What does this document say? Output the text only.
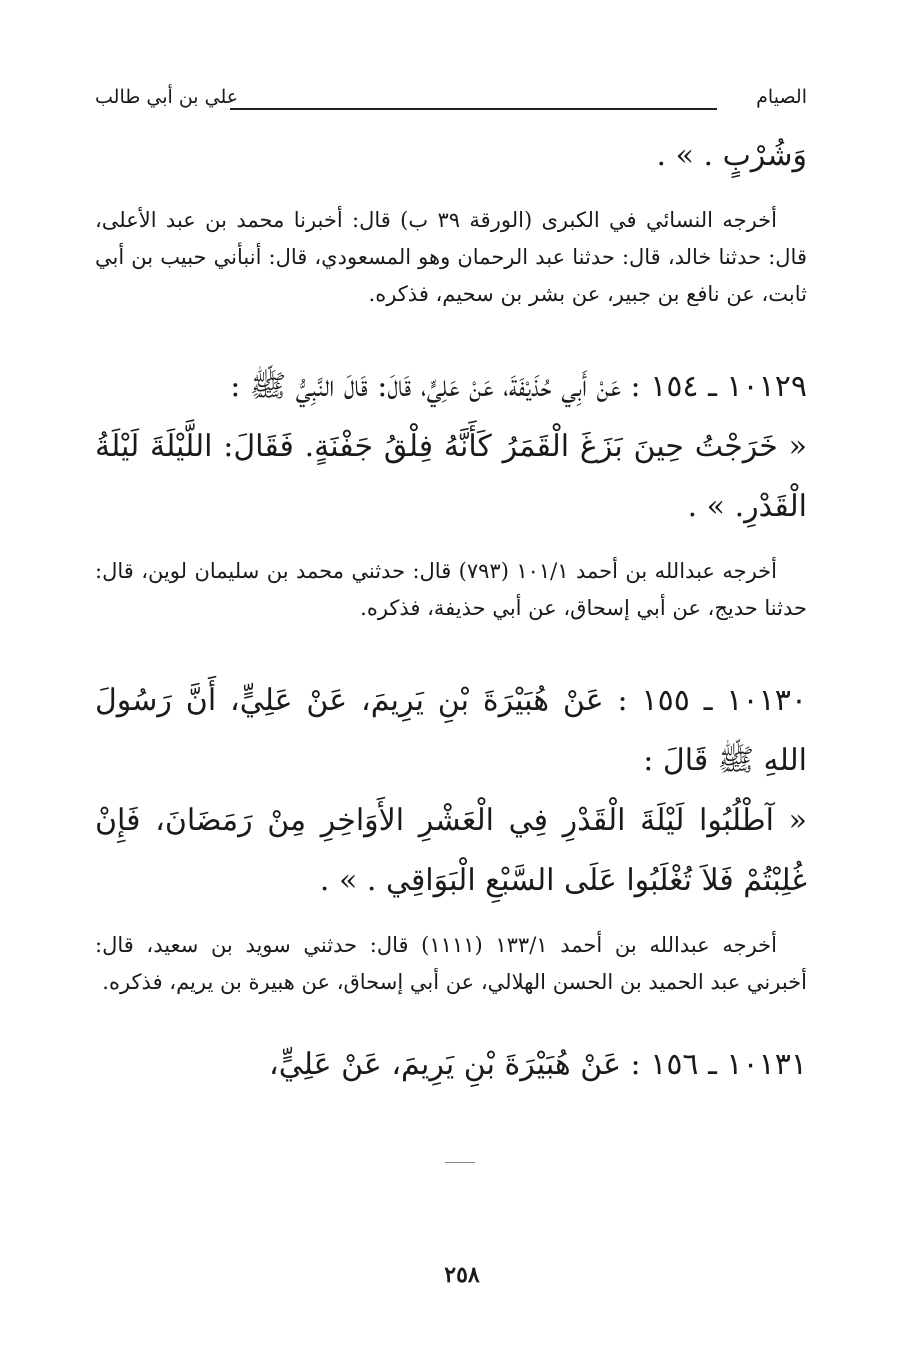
الصيام
علي بن أبي طالب

وَشُرْبٍ . » .

أخرجه النسائي في الكبرى (الورقة ٣٩ ب) قال: أخبرنا محمد بن عبد الأعلى، قال: حدثنا خالد، قال: حدثنا عبد الرحمان وهو المسعودي، قال: أنبأني حبيب بن أبي ثابت، عن نافع بن جبير، عن بشر بن سحيم، فذكره.

١٠١٢٩ ـ ١٥٤ : عَنْ أَبِي حُذَيْفَةَ، عَنْ عَلِيٍّ، قَالَ: قَالَ النَّبِيُّ ﷺ :

« خَرَجْتُ حِينَ بَزَغَ الْقَمَرُ كَأَنَّهُ فِلْقُ جَفْنَةٍ. فَقَالَ: اللَّيْلَةَ لَيْلَةُ الْقَدْرِ. » .

أخرجه عبدالله بن أحمد ١٠١/١ (٧٩٣) قال: حدثني محمد بن سليمان لوين، قال: حدثنا حديج، عن أبي إسحاق، عن أبي حذيفة، فذكره.

١٠١٣٠ ـ ١٥٥ : عَنْ هُبَيْرَةَ بْنِ يَرِيمَ، عَنْ عَلِيٍّ، أَنَّ رَسُولَ اللهِ ﷺ قَالَ :

« آطْلُبُوا لَيْلَةَ الْقَدْرِ فِي الْعَشْرِ الأَوَاخِرِ مِنْ رَمَضَانَ، فَإِنْ غُلِبْتُمْ فَلاَ تُغْلَبُوا عَلَى السَّبْعِ الْبَوَاقِي . » .

أخرجه عبدالله بن أحمد ١٣٣/١ (١١١١) قال: حدثني سويد بن سعيد، قال: أخبرني عبد الحميد بن الحسن الهلالي، عن أبي إسحاق، عن هبيرة بن يريم، فذكره.

١٠١٣١ ـ ١٥٦ : عَنْ هُبَيْرَةَ بْنِ يَرِيمَ، عَنْ عَلِيٍّ،

٢٥٨
